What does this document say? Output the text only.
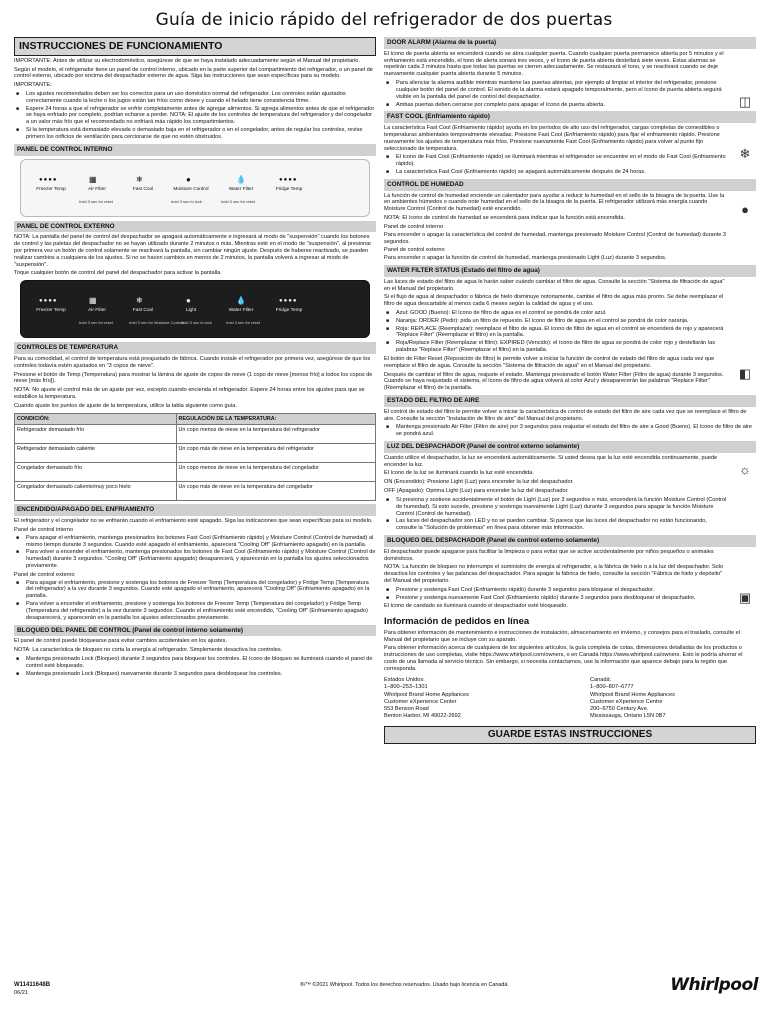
Guía de inicio rápido del refrigerador de dos puertas
INSTRUCCIONES DE FUNCIONAMIENTO

IMPORTANTE: Antes de utilizar su electrodoméstico, asegúrese de que se haya instalado adecuadamente según el Manual del propietario.

Según el modelo, el refrigerador tiene un panel de control interno, ubicado en la parte superior del compartimiento del refrigerador, o un panel de control externo, ubicado por encima del despachador externo de agua. Siga las instrucciones que sean específicas para su modelo.

IMPORTANTE:

■ Los ajustes recomendados deben ser los correctos para un uso doméstico normal del refrigerador. Los controles están ajustados correctamente cuando la leche o los jugos están tan fríos como desee y cuando el helado tiene consistencia firme.
■ Espere 24 horas a que el refrigerador se enfríe completamente antes de agregar alimentos. Si agrega alimentos antes de que el refrigerador se haya enfriado por completo, podrían echarse a perder. NOTA: El ajuste de los controles de temperatura del refrigerador y del congelador a un valor más frío que el recomendado no enfriará más rápido los compartimientos.
■ Si la temperatura está demasiado elevada o demasiado baja en el refrigerador o en el congelador, antes de regular los controles, revise primero los orificios de ventilación para cerciorarse de que no estén obstruidos.
PANEL DE CONTROL INTERNO
●●●●	▦	❄	●	💧	●●●●
Freezer Temp	Air Filter	Fast Cool	Moisture Control	Water Filter	Fridge Temp
hold 3 sec for reset	hold 3 sec to lock	hold 3 sec for reset
PANEL DE CONTROL EXTERNO

NOTA: La pantalla del panel de control del despachador se apagará automáticamente e ingresará al modo de "suspensión" cuando los botones de control y las paletas del despachador no se hayan utilizado durante 2 minutos o más. Mientras esté en el modo de "suspensión", al presionar por primera vez un botón de control solamente se reactivará la pantalla, sin cambiar ningún ajuste. Después de haberse reactivado, se pueden realizar cambios a cualquiera de los ajustes. Si no se hacen cambios en menos de 2 minutos, la pantalla volverá a ingresar al modo de "suspensión".

Toque cualquier botón de control del panel del despachador para activar la pantalla.

●●●●	▦	❄	●	💧	●●●●
Freezer Temp	Air Filter	Fast Cool	Light	Water Filter	Fridge Temp
hold 3 sec for reset	hold 3 sec for Moisture Control
hold 3 sec to lock	hold 3 sec for reset
CONTROLES DE TEMPERATURA

Para su comodidad, el control de temperatura está preajustado de fábrica. Cuando instale el refrigerador por primera vez, asegúrese de que los controles todavía estén ajustados en "3 copos de nieve".

Presione el botón de Temp (Temperatura) para mostrar la lámina de ajuste de copos de nieve (1 copo de nieve [menos frío] a todos los copos de nieve [más frío]).

NOTA: No ajuste el control más de un ajuste por vez, excepto cuando encienda el refrigerador. Espere 24 horas entre los ajustes para que se estabilice la temperatura.

Cuando ajuste los puntos de ajuste de la temperatura, utilice la tabla siguiente como guía.

CONDICIÓN:	REGULACIÓN DE LA TEMPERATURA:
Refrigerador demasiado frío	Un copo menos de nieve en la temperatura del refrigerador
Refrigerador demasiado caliente	Un copo más de nieve en la temperatura del refrigerador
Congelador demasiado frío	Un copo menos de nieve en la temperatura del congelador
Congelador demasiado caliente/muy poco hielo	Un copo más de nieve en la temperatura del congelador
ENCENDIDO/APAGADO DEL ENFRIAMIENTO

El refrigerador y el congelador no se enfriarán cuando el enfriamiento esté apagado. Siga las indicaciones que sean específicas para su modelo.

Panel de control interno

■ Para apagar el enfriamiento, mantenga presionados los botones Fast Cool (Enfriamiento rápido) y Moisture Control (Control de humedad) al mismo tiempo durante 3 segundos. Cuando esté apagado el enfriamiento, aparecerá "Cooling Off" (Enfriamiento apagado) en la pantalla.
■ Para volver a encender el enfriamiento, mantenga presionados los botones de Fast Cool (Enfriamiento rápido) y Moisture Control (Control de humedad) durante 3 segundos. "Cooling Off" (Enfriamiento apagado) desaparecerá, y aparecerán en la pantalla los ajustes seleccionados previamente.

Panel de control externo

■ Para apagar el enfriamiento, presione y sostenga los botones de Freezer Temp (Temperatura del congelador) y Fridge Temp (Temperatura del refrigerador) a la vez durante 3 segundos. Cuando esté apagado el enfriamiento, aparecerá "Cooling Off" (Enfriamiento apagado) en la pantalla.
■ Para volver a encender el enfriamiento, presione y sostenga los botones de Freezer Temp (Temperatura del congelador) y Fridge Temp (Temperatura del refrigerador) a la vez durante 3 segundos. Cuando el enfriamiento esté encendido, "Cooling Off" (Enfriamiento apagado) desaparecerá, y aparecerán en la pantalla los ajustes seleccionados previamente.
BLOQUEO DEL PANEL DE CONTROL (Panel de control interno solamente)

El panel de control puede bloquearse para evitar cambios accidentales en los ajustes.

NOTA: La característica de bloqueo no corta la energía al refrigerador. Simplemente desactiva los controles.

■ Mantenga presionado Lock (Bloqueo) durante 3 segundos para bloquear los controles. El ícono de bloqueo se iluminará cuando el panel de control esté bloqueado.
■ Mantenga presionado Lock (Bloqueo) nuevamente durante 3 segundos para desbloquear los controles.
DOOR ALARM (Alarma de la puerta)
◫

El ícono de puerta abierta se encenderá cuando se abra cualquier puerta. Cuando cualquier puerta permanece abierta por 5 minutos y el enfriamiento está encendido, el tono de alerta sonará tres veces, y el ícono de puerta abierta destellará siete veces. Estas alarmas se repetirán cada 2 minutos hasta que todas las puertas se cierren adecuadamente. Se restaurará el tono, y se reactivará cuando se deje nuevamente cualquier puerta abierta durante 5 minutos.

■ Para silenciar la alarma audible mientras mantiene las puertas abiertas, por ejemplo al limpiar el interior del refrigerador, presione cualquier botón del panel de control. El sonido de la alarma estará apagado temporalmente, pero el ícono de puerta abierta seguirá visible en la pantalla del panel de control del despachador.
■ Ambas puertas deben cerrarse por completo para apagar el ícono de puerta abierta.
FAST COOL (Enfriamiento rápido)
❄

La característica Fast Cool (Enfriamiento rápido) ayuda en los períodos de alto uso del refrigerador, cargas completas de comestibles o temperaturas ambientales temporalmente elevadas. Presione Fast Cool (Enfriamiento rápido) para fijar el enfriamiento rápido. Presione nuevamente los ajustes de temperatura más fríos. Presione nuevamente Fast Cool (Enfriamiento rápido) para volver al punto fijo seleccionado de temperatura.

■ El ícono de Fast Cool (Enfriamiento rápido) se iluminará mientras el refrigerador se encuentre en el modo de Fast Cool (Enfriamiento rápido).
■ La característica Fast Cool (Enfriamiento rápido) se apagará automáticamente después de 24 horas.
CONTROL DE HUMEDAD
●

La función de control de humedad enciende un calentador para ayudar a reducir la humedad en el sello de la bisagra de la puerta. Use la en ambientes húmedos o cuando note humedad en el sello de la bisagra de la puerta. El refrigerador utilizará más energía cuando Moisture Control (Control de humedad) esté encendido.

NOTA: El ícono de control de humedad se encenderá para indicar que la función está encendida.

Panel de control interno

Para encender o apagar la característica del control de humedad, mantenga presionado Moisture Control (Control de humedad) durante 3 segundos.

Panel de control externo

Para encender o apagar la función de control de humedad, mantenga presionado Light (Luz) durante 3 segundos.

WATER FILTER STATUS (Estado del filtro de agua)
◧

Las luces de estado del filtro de agua le harán saber cuándo cambiar el filtro de agua. Consulte la sección "Sistema de filtración de agua" en el Manual del propietario.

Si el flujo de agua al despachador o fábrica de hielo disminuye notoriamente, cambie el filtro de agua más pronto. Se debe reemplazar el filtro de agua descartable al menos cada 6 meses según la calidad de agua y el uso.

■ Azul: GOOD (Bueno): El ícono de filtro de agua es el control se pondrá de color azul.
■ Naranja: ORDER (Pedir): pida un filtro de repuesto. El ícono de filtro de agua en el control se pondrá de color naranja.
■ Roja: REPLACE (Reemplazar): reemplace el filtro de agua. El ícono de filtro de agua en el control se encenderá de rojo y aparecerá "Replace Filter" (Reemplazar el filtro) en la pantalla.
■ Roja/Replace Filter (Reemplazar el filtro): EXPIRED (Vencido): el ícono de filtro de agua se pondrá de color rojo y destellarán las palabras "Replace Filter" (Reemplazar el filtro) en la pantalla.

El botón de Filter Reset (Reposición de filtro) le permite volver a iniciar la función de control de estado del filtro de agua cada vez que reemplace el filtro de agua. Consulte la sección "Sistema de filtración de agua" en el Manual del propietario.

Después de cambiar el filtro de agua, reajuste el estado. Mantenga presionado el botón Water Filter (Filtro de agua) durante 3 segundos. Cuando se haya reajustado el sistema, el ícono de filtro de agua volverá al color Azul y desaparecerán las palabras "Replace Filter" (Reemplazar el filtro) de la pantalla.

ESTADO DEL FILTRO DE AIRE

El control de estado del filtro le permite volver a iniciar la característica de control de estado del filtro de aire cada vez que se reemplace el filtro de aire. Consulte la sección "Instalación de filtro de aire" del Manual del propietario.

■ Mantenga presionado Air Filter (Filtro de aire) por 3 segundos para reajustar el estado del filtro de aire a Good (Bueno). El ícono de filtro de aire se pondrá azul.
LUZ DEL DESPACHADOR (Panel de control externo solamente)
☼

Cuando utilice el despachador, la luz se encenderá automáticamente. Si usted desea que la luz esté encendida continuamente, puede encender la luz.

El ícono de la luz se iluminará cuando la luz esté encendida.

ON (Encendido): Presione Light (Luz) para encender la luz del despachador.

OFF (Apagado): Oprima Light (Luz) para encender la luz del despachador.

■ Si presiona y sostiene accidentalmente el botón de Light (Luz) por 3 segundos o más, encenderá la función Moisture Control (Control de humedad). Si esto sucede, presione y sostenga nuevamente Light (Luz) durante 3 segundos para apagar la función Moisture Control (Control de humedad).
■ Las luces del despachador son LED y no se pueden cambiar. Si parece que las luces del despachador no están funcionando, consulte la "Solución de problemas" en línea para obtener más información.
BLOQUEO DEL DESPACHADOR (Panel de control externo solamente)
▣

El despachador puede apagarse para facilitar la limpieza o para evitar que se active accidentalmente por niños pequeños o animales domésticos.

NOTA: La función de bloqueo no interrumpe el suministro de energía al refrigerador, a la fábrica de hielo o a la luz del despachador. Solo desactiva los controles y las palancas del despachador. Para apagar la fábrica de hielo, consulte la sección "Fábrica de hielo y depósito" del Manual del propietario.

■ Presione y sostenga Fast Cool (Enfriamiento rápido) durante 3 segundos para bloquear el despachador.
■ Presione y sostenga nuevamente Fast Cool (Enfriamiento rápido) durante 3 segundos para desbloquear el despachador.

El ícono de candado se iluminará cuando el despachador esté bloqueado.

Información de pedidos en línea

Para obtener información de mantenimiento e instrucciones de instalación, almacenamiento en invierno, y consejos para el traslado, consulte el Manual del propietario que se incluye con su aparato.

Para obtener información acerca de cualquiera de los siguientes artículos, la guía completa de cotas, dimensiones detalladas de los productos o instrucciones de uso completas, visite https://www.whirlpool.com/owners, o en Canadá https://www.whirlpool.ca/owners. Esto le podría ahorrar el costo de una llamada al servicio técnico. Sin embargo, si necesita contactarnos, use la información que aparece debajo para la región que corresponda.

Estados Unidos:
1–800–253–1301
Whirlpool Brand Home Appliances
Customer eXperience Center
553 Benson Road
Benton Harbor, MI 49022-2692
Canadá:
1–800–807–6777
Whirlpool Brand Home Appliances
Customer eXperience Centre
200–6750 Century Ave.
Mississauga, Ontario L5N 0B7
GUARDE ESTAS INSTRUCCIONES
W11411648B
06/21
®/™ ©2021 Whirlpool. Todos los derechos reservados. Usado bajo licencia en Canadá.	Whirlpool
